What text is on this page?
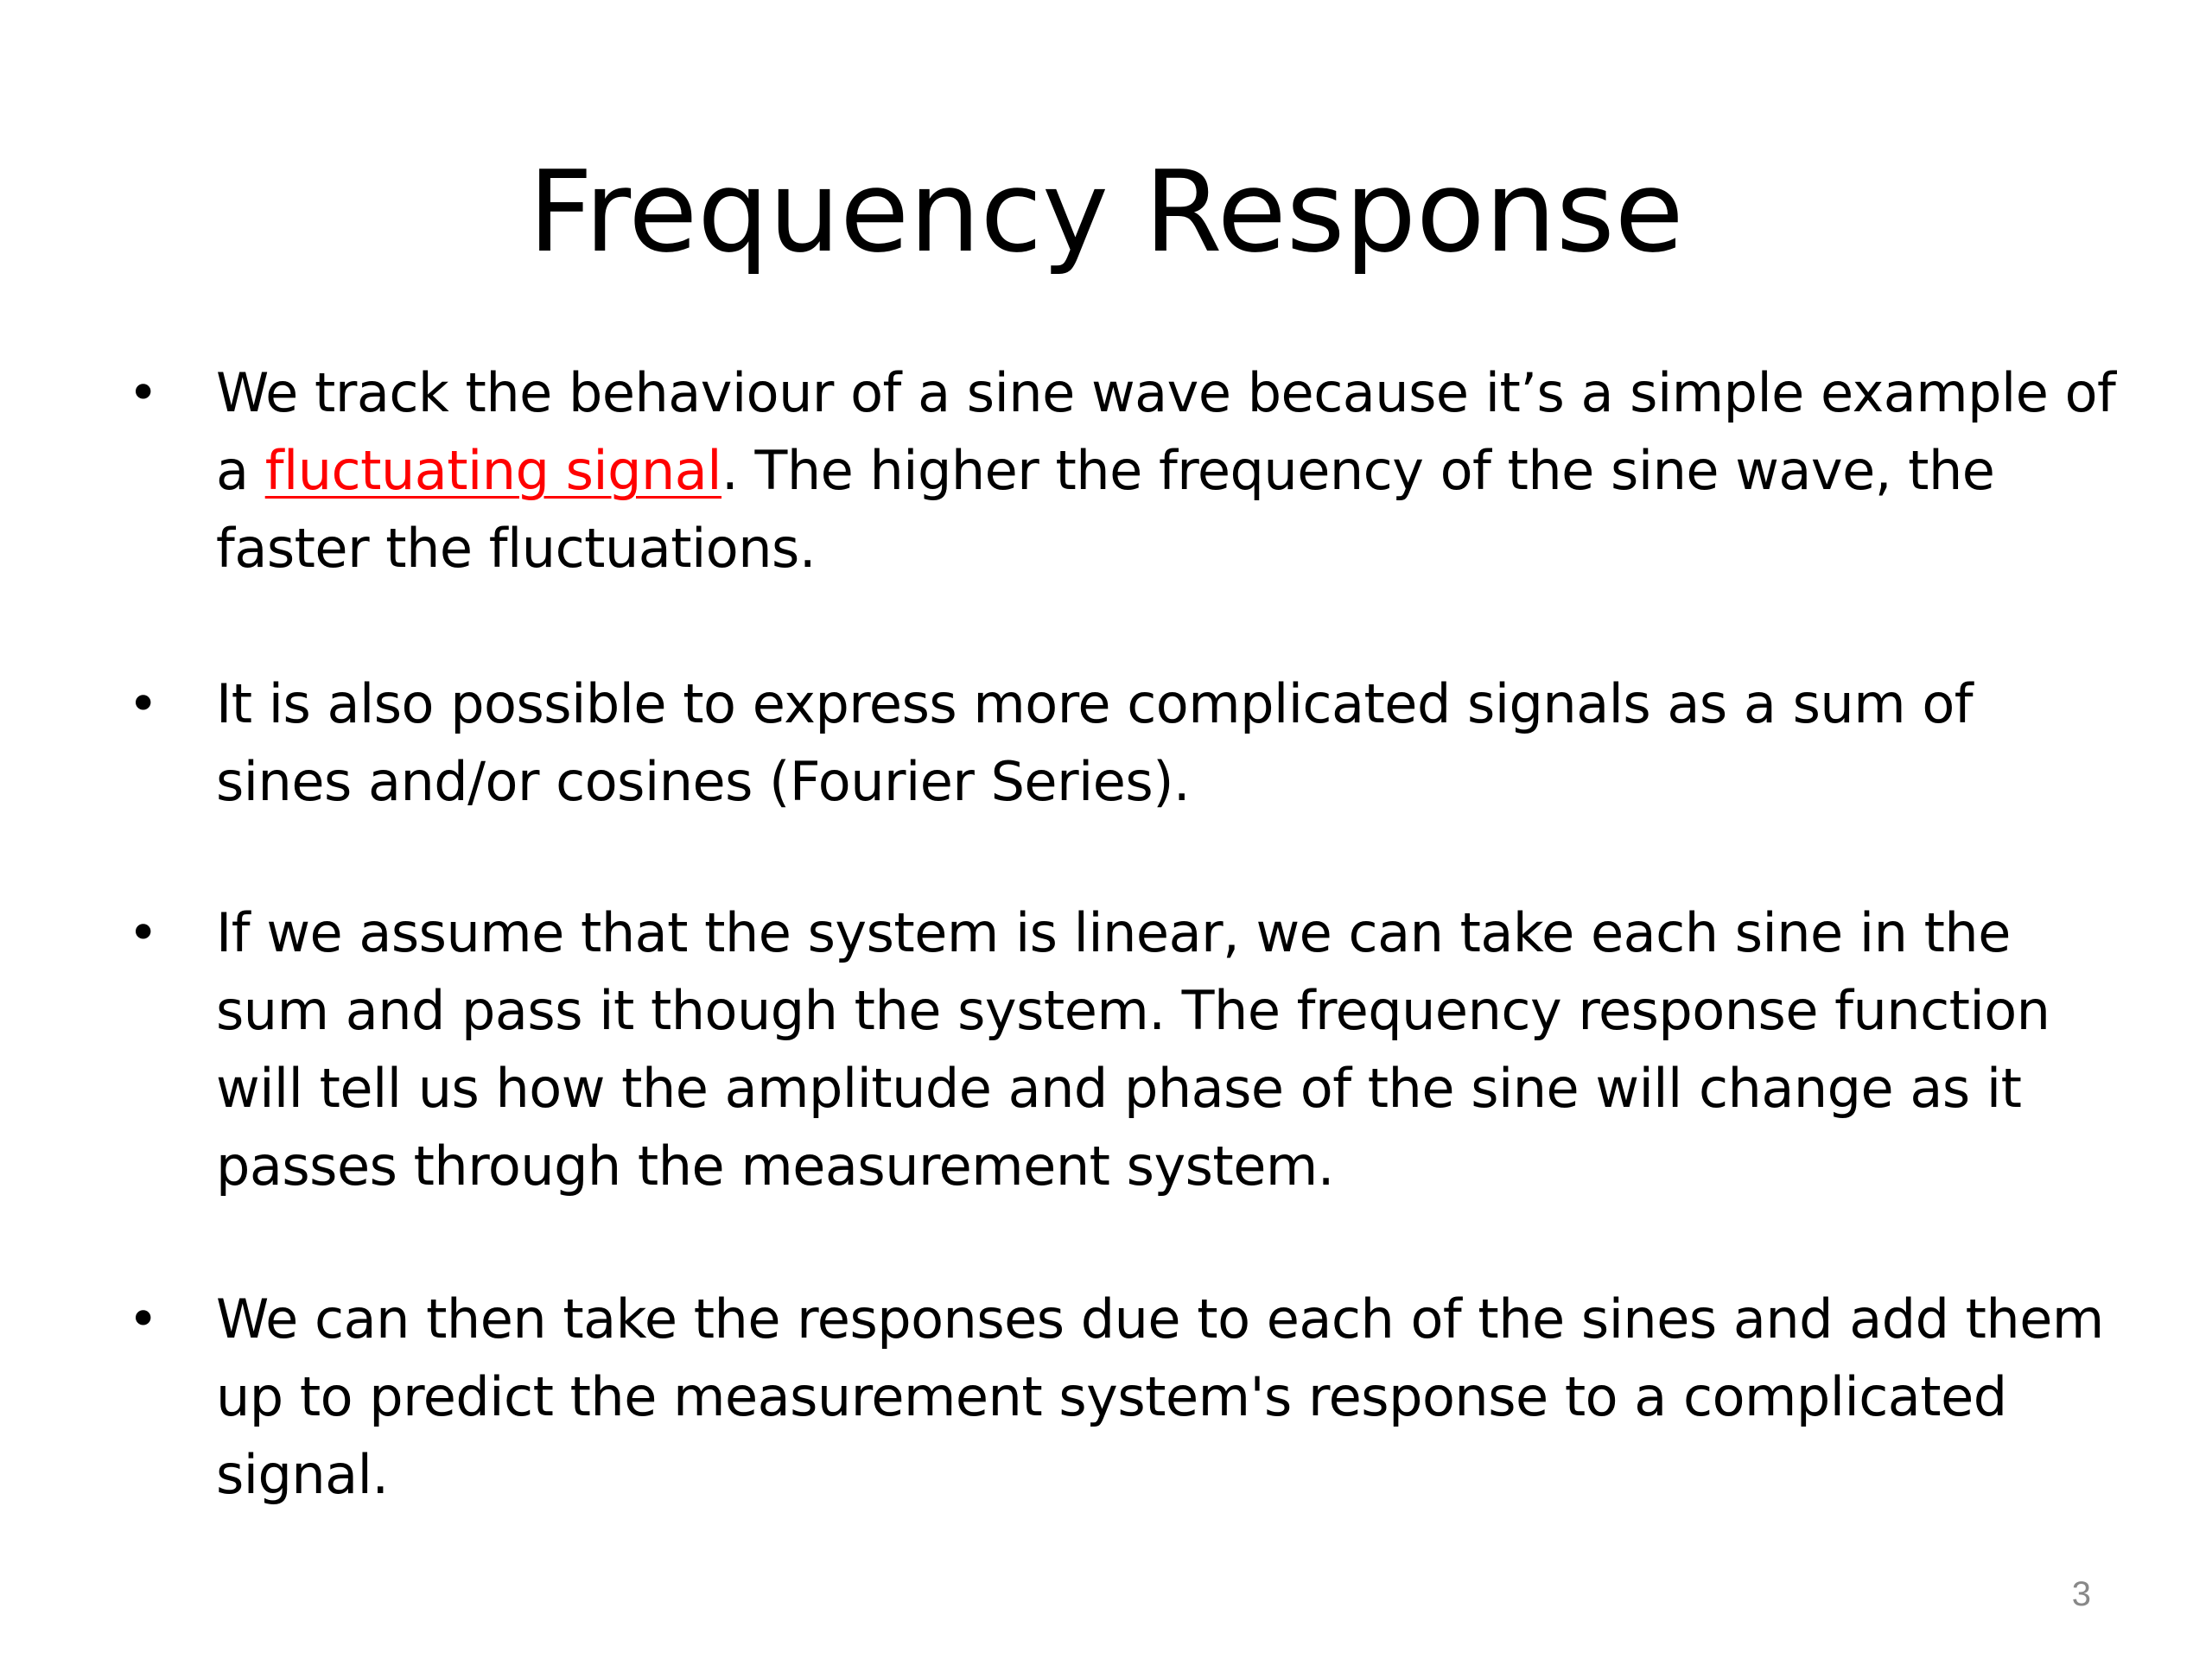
Frequency Response
• We track the behaviour of a sine wave because it’s a simple example of a fluctuating signal. The higher the frequency of the sine wave, the faster the fluctuations.
• It is also possible to express more complicated signals as a sum of sines and/or cosines (Fourier Series).
• If we assume that the system is linear, we can take each sine in the sum and pass it though the system. The frequency response function will tell us how the amplitude and phase of the sine will change as it passes through the measurement system.
• We can then take the responses due to each of the sines and add them up to predict the measurement system's response to a complicated signal.
3
